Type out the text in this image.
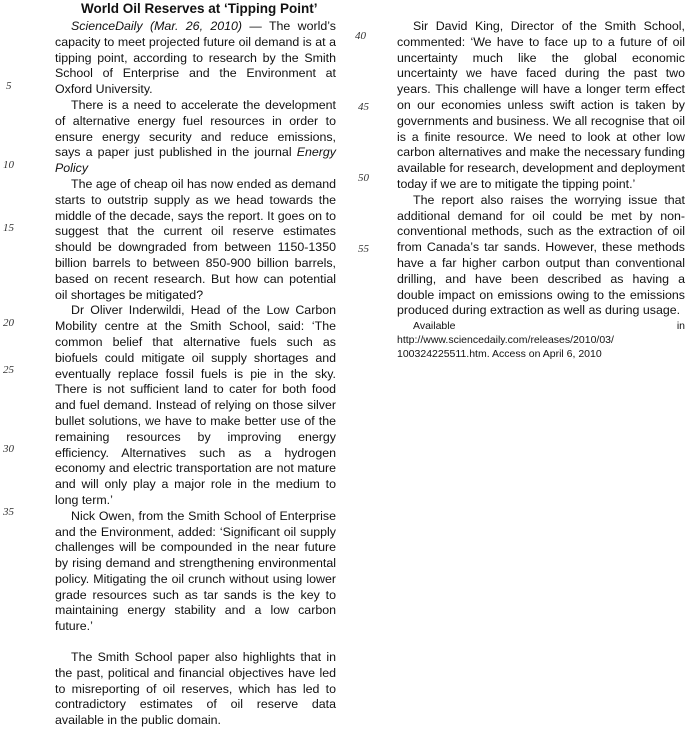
World Oil Reserves at ‘Tipping Point’
5
10
15
20
25
30
35
40
45
50
55

ScienceDaily (Mar. 26, 2010) — The world’s capacity to meet projected future oil demand is at a tipping point, according to research by the Smith School of Enterprise and the Environment at Oxford University.

There is a need to accelerate the development of alternative energy fuel resources in order to ensure energy security and reduce emissions, says a paper just published in the journal Energy Policy

The age of cheap oil has now ended as demand starts to outstrip supply as we head towards the middle of the decade, says the report. It goes on to suggest that the current oil reserve estimates should be downgraded from between 1150-1350 billion barrels to between 850-900 billion barrels, based on recent research. But how can potential oil shortages be mitigated?

Dr Oliver Inderwildi, Head of the Low Carbon Mobility centre at the Smith School, said: ‘The common belief that alternative fuels such as biofuels could mitigate oil supply shortages and eventually replace fossil fuels is pie in the sky. There is not sufficient land to cater for both food and fuel demand. Instead of relying on those silver bullet solutions, we have to make better use of the remaining resources by improving energy efficiency. Alternatives such as a hydrogen economy and electric transportation are not mature and will only play a major role in the medium to long term.’

Nick Owen, from the Smith School of Enterprise and the Environment, added: ‘Significant oil supply challenges will be compounded in the near future by rising demand and strengthening environmental policy. Mitigating the oil crunch without using lower grade resources such as tar sands is the key to maintaining energy stability and a low carbon future.’

The Smith School paper also highlights that in the past, political and financial objectives have led to misreporting of oil reserves, which has led to contradictory estimates of oil reserve data available in the public domain.

Sir David King, Director of the Smith School, commented: ‘We have to face up to a future of oil uncertainty much like the global economic uncertainty we have faced during the past two years. This challenge will have a longer term effect on our economies unless swift action is taken by governments and business. We all recognise that oil is a finite resource. We need to look at other low carbon alternatives and make the necessary funding available for research, development and deployment today if we are to mitigate the tipping point.’

The report also raises the worrying issue that additional demand for oil could be met by non-conventional methods, such as the extraction of oil from Canada’s tar sands. However, these methods have a far higher carbon output than conventional drilling, and have been described as having a double impact on emissions owing to the emissions produced during extraction as well as during usage.

Available in http://www.sciencedaily.com/releases/2010/03/
100324225511.htm. Access on April 6, 2010
